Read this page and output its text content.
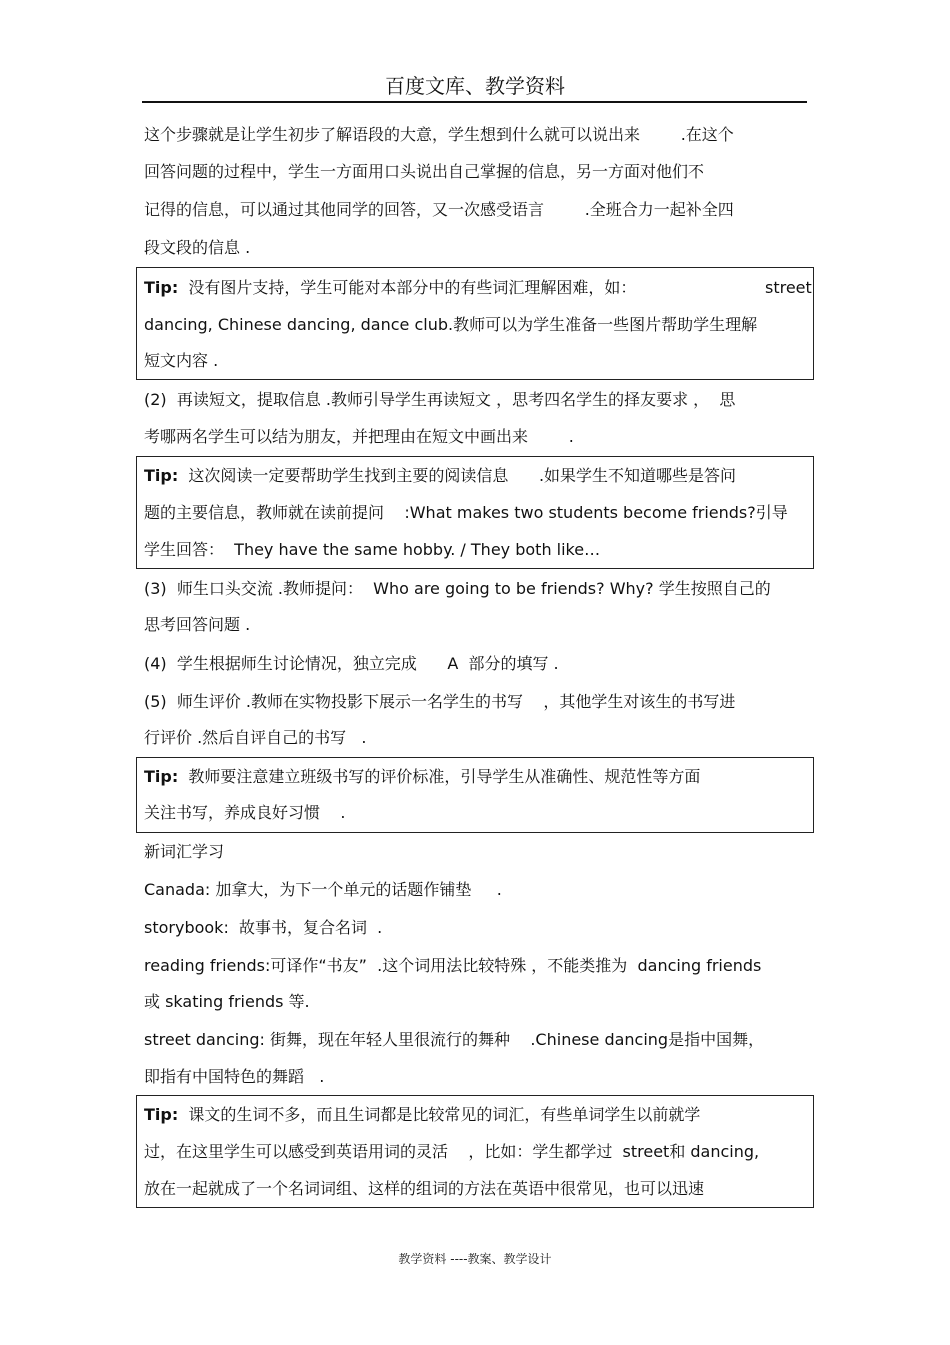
百度文库、教学资料
这个步骤就是让学生初步了解语段的大意，学生想到什么就可以说出来        .在这个
回答问题的过程中，学生一方面用口头说出自己掌握的信息，另一方面对他们不
记得的信息，可以通过其他同学的回答，又一次感受语言        .全班合力一起补全四
段文段的信息 .
Tip: 没有图片支持，学生可能对本部分中的有些词汇理解困难，如：	street
dancing, Chinese dancing, dance club.教师可以为学生准备一些图片帮助学生理解
短文内容 .
(2)  再读短文，提取信息 .教师引导学生再读短文 ，思考四名学生的择友要求 ，  思
考哪两名学生可以结为朋友，并把理由在短文中画出来        .
Tip: 这次阅读一定要帮助学生找到主要的阅读信息      .如果学生不知道哪些是答问
题的主要信息，教师就在读前提问    :What makes two students become friends?引导
学生回答：  They have the same hobby. / They both like…
(3)  师生口头交流 .教师提问：  Who are going to be friends? Why? 学生按照自己的
思考回答问题 .
(4)  学生根据师生讨论情况，独立完成      A  部分的填写 .
(5)  师生评价 .教师在实物投影下展示一名学生的书写    ，其他学生对该生的书写进
行评价 .然后自评自己的书写   .
Tip: 教师要注意建立班级书写的评价标准，引导学生从准确性、规范性等方面
关注书写，养成良好习惯    .
新词汇学习
Canada: 加拿大，为下一个单元的话题作铺垫     .
storybook:  故事书，复合名词  .
reading friends:可译作“书友”  .这个词用法比较特殊 ，不能类推为  dancing friends
或 skating friends 等.
street dancing: 街舞，现在年轻人里很流行的舞种    .Chinese dancing是指中国舞，
即指有中国特色的舞蹈   .
Tip: 课文的生词不多，而且生词都是比较常见的词汇，有些单词学生以前就学
过，在这里学生可以感受到英语用词的灵活    ，比如：学生都学过  street和 dancing,
放在一起就成了一个名词词组、这样的组词的方法在英语中很常见，也可以迅速
教学资料 ----教案、教学设计
